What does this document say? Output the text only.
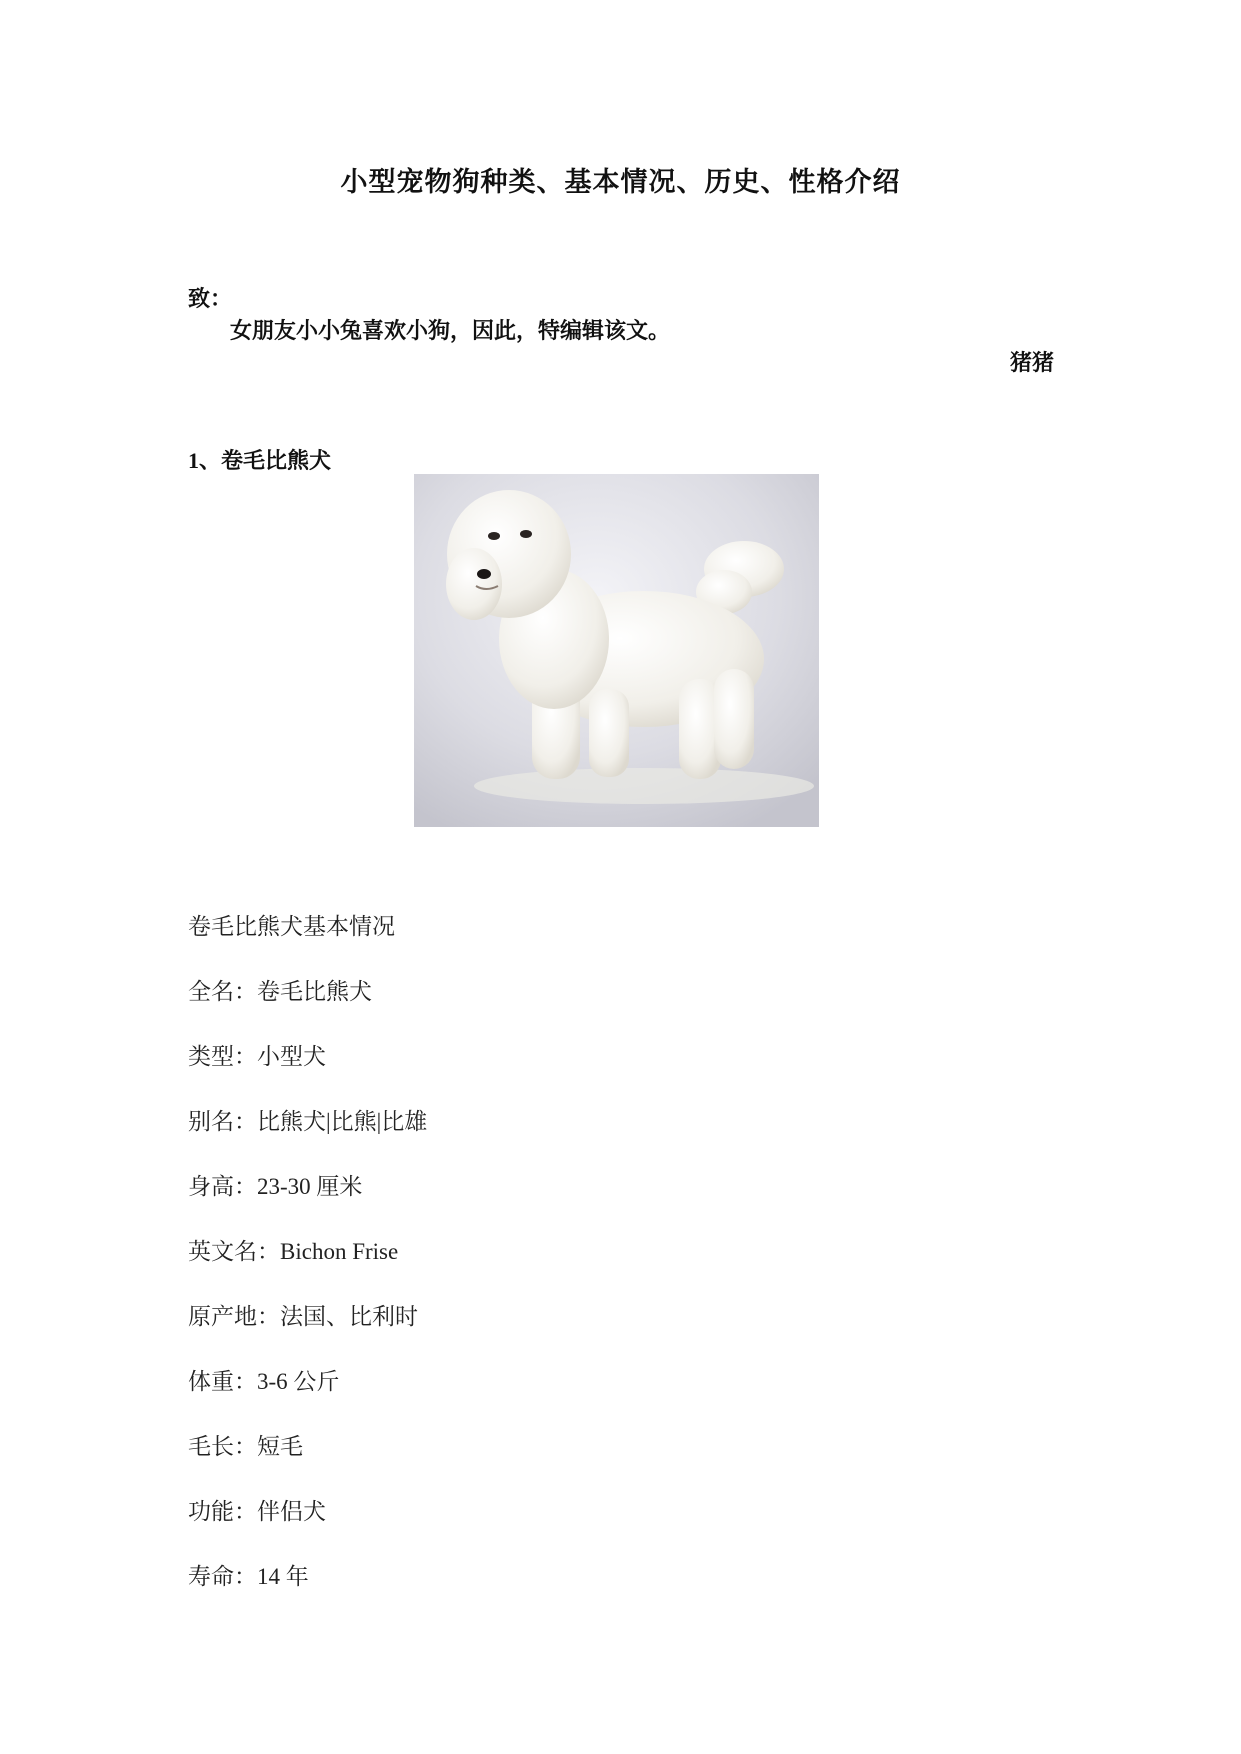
小型宠物狗种类、基本情况、历史、性格介绍
致：
女朋友小小兔喜欢小狗，因此，特编辑该文。
猪猪
1、卷毛比熊犬
卷毛比熊犬基本情况
全名：卷毛比熊犬
类型：小型犬
别名：比熊犬|比熊|比雄
身高：23-30 厘米
英文名：Bichon Frise
原产地：法国、比利时
体重：3-6 公斤
毛长：短毛
功能：伴侣犬
寿命：14 年
